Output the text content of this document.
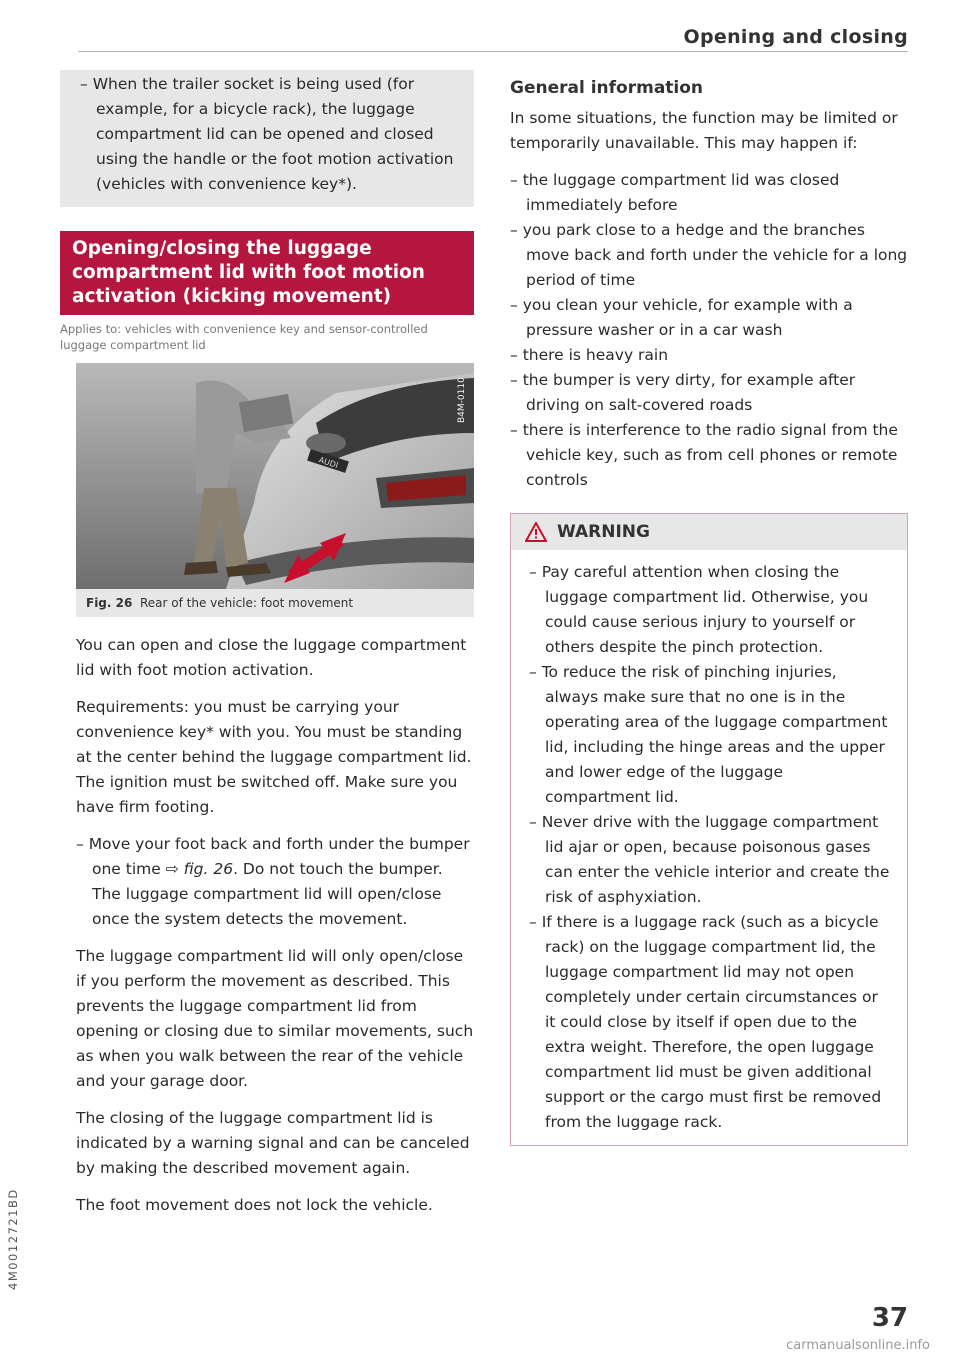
Opening and closing
– When the trailer socket is being used (for example, for a bicycle rack), the luggage compartment lid can be opened and closed using the handle or the foot motion activation (vehicles with convenience key*).
Opening/closing the luggage compartment lid with foot motion activation (kicking movement)
Applies to: vehicles with convenience key and sensor-controlled luggage compartment lid
AUDI
B4M-0110
Fig. 26 Rear of the vehicle: foot movement

You can open and close the luggage compartment lid with foot motion activation.

Requirements: you must be carrying your convenience key* with you. You must be standing at the center behind the luggage compartment lid. The ignition must be switched off. Make sure you have firm footing.

– Move your foot back and forth under the bumper one time ⇨ fig. 26. Do not touch the bumper. The luggage compartment lid will open/close once the system detects the movement.

The luggage compartment lid will only open/close if you perform the movement as described. This prevents the luggage compartment lid from opening or closing due to similar movements, such as when you walk between the rear of the vehicle and your garage door.

The closing of the luggage compartment lid is indicated by a warning signal and can be canceled by making the described movement again.

The foot movement does not lock the vehicle.

General information

In some situations, the function may be limited or temporarily unavailable. This may happen if:

– the luggage compartment lid was closed immediately before
– you park close to a hedge and the branches move back and forth under the vehicle for a long period of time
– you clean your vehicle, for example with a pressure washer or in a car wash
– there is heavy rain
– the bumper is very dirty, for example after driving on salt-covered roads
– there is interference to the radio signal from the vehicle key, such as from cell phones or remote controls
WARNING
– Pay careful attention when closing the luggage compartment lid. Otherwise, you could cause serious injury to yourself or others despite the pinch protection.
– To reduce the risk of pinching injuries, always make sure that no one is in the operating area of the luggage compartment lid, including the hinge areas and the upper and lower edge of the luggage compartment lid.
– Never drive with the luggage compartment lid ajar or open, because poisonous gases can enter the vehicle interior and create the risk of asphyxiation.
– If there is a luggage rack (such as a bicycle rack) on the luggage compartment lid, the luggage compartment lid may not open completely under certain circumstances or it could close by itself if open due to the extra weight. Therefore, the open luggage compartment lid must be given additional support or the cargo must first be removed from the luggage rack.
4M0012721BD
37
carmanualsonline.info
